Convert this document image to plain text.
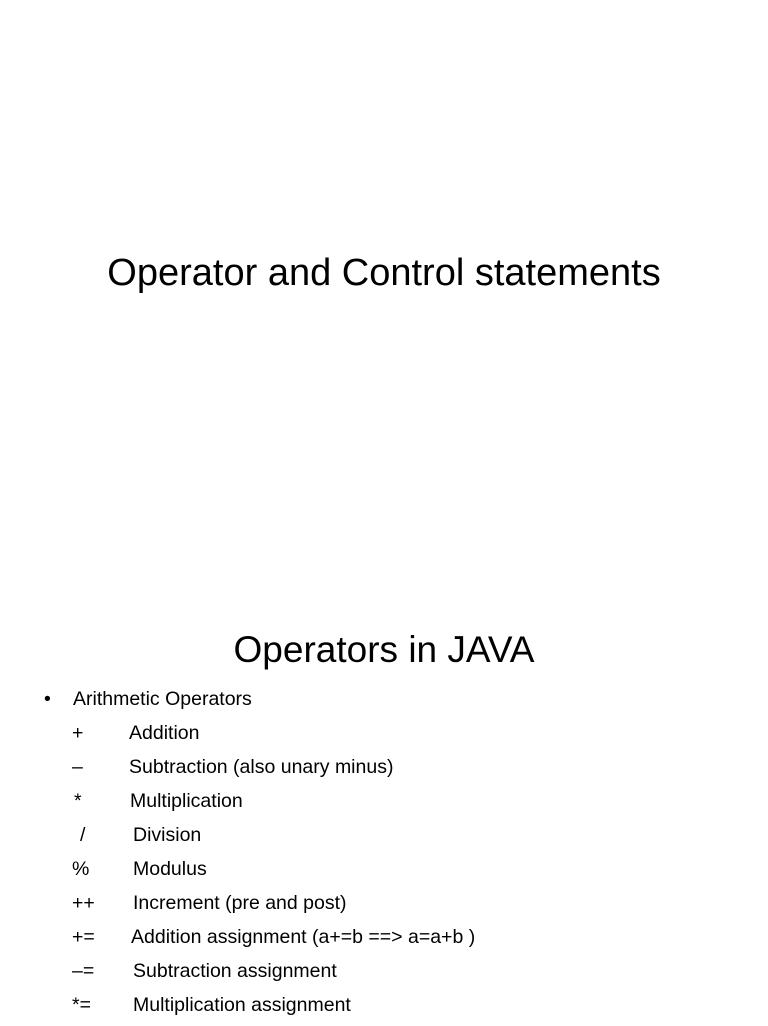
Operator and Control statements
Operators in JAVA
• Arithmetic Operators
+ Addition
– Subtraction (also unary minus)
* Multiplication
/ Division
% Modulus
++ Increment (pre and post)
+= Addition assignment (a+=b ==> a=a+b )
–= Subtraction assignment
*= Multiplication assignment
